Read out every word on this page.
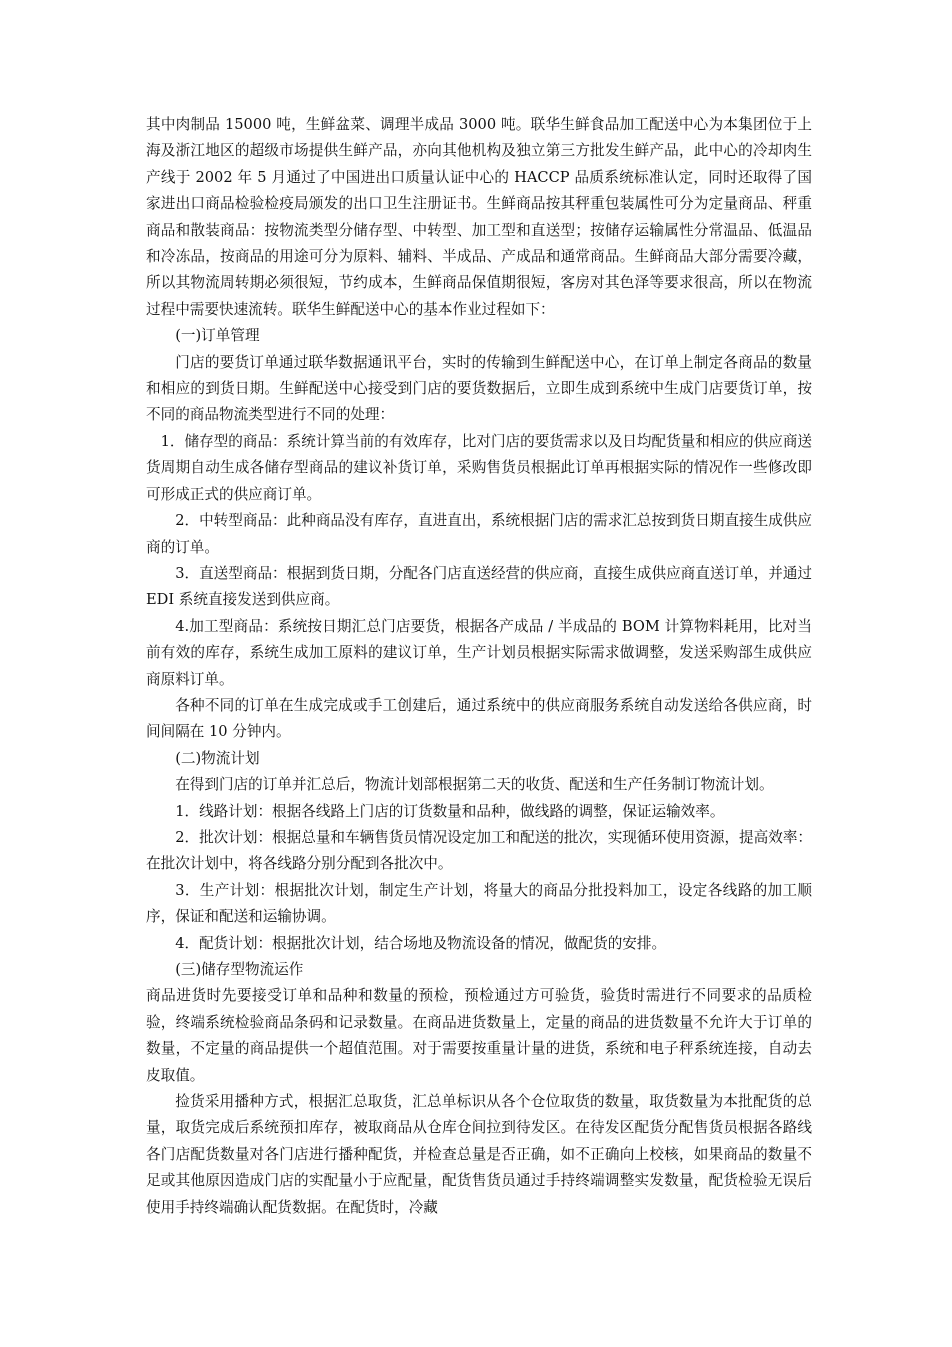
其中肉制品 15000 吨，生鲜盆菜、调理半成品 3000 吨。联华生鲜食品加工配送中心为本集团位于上海及浙江地区的超级市场提供生鲜产品，亦向其他机构及独立第三方批发生鲜产品，此中心的冷却肉生产线于 2002 年 5 月通过了中国进出口质量认证中心的 HACCP 品质系统标准认定，同时还取得了国家进出口商品检验检疫局颁发的出口卫生注册证书。生鲜商品按其秤重包装属性可分为定量商品、秤重商品和散装商品：按物流类型分储存型、中转型、加工型和直送型；按储存运输属性分常温品、低温品和冷冻品，按商品的用途可分为原料、辅料、半成品、产成品和通常商品。生鲜商品大部分需要冷藏，所以其物流周转期必须很短，节约成本，生鲜商品保值期很短，客房对其色泽等要求很高，所以在物流过程中需要快速流转。联华生鲜配送中心的基本作业过程如下：

(一)订单管理

门店的要货订单通过联华数据通讯平台，实时的传输到生鲜配送中心，在订单上制定各商品的数量和相应的到货日期。生鲜配送中心接受到门店的要货数据后，立即生成到系统中生成门店要货订单，按不同的商品物流类型进行不同的处理：

1．储存型的商品：系统计算当前的有效库存，比对门店的要货需求以及日均配货量和相应的供应商送货周期自动生成各储存型商品的建议补货订单，采购售货员根据此订单再根据实际的情况作一些修改即可形成正式的供应商订单。

2．中转型商品：此种商品没有库存，直进直出，系统根据门店的需求汇总按到货日期直接生成供应商的订单。

3．直送型商品：根据到货日期，分配各门店直送经营的供应商，直接生成供应商直送订单，并通过 EDI 系统直接发送到供应商。

4.加工型商品：系统按日期汇总门店要货，根据各产成品 / 半成品的 BOM 计算物料耗用，比对当前有效的库存，系统生成加工原料的建议订单，生产计划员根据实际需求做调整，发送采购部生成供应商原料订单。

各种不同的订单在生成完成或手工创建后，通过系统中的供应商服务系统自动发送给各供应商，时间间隔在 10 分钟内。

(二)物流计划

在得到门店的订单并汇总后，物流计划部根据第二天的收货、配送和生产任务制订物流计划。

1．线路计划：根据各线路上门店的订货数量和品种，做线路的调整，保证运输效率。

2．批次计划：根据总量和车辆售货员情况设定加工和配送的批次，实现循环使用资源，提高效率：在批次计划中，将各线路分别分配到各批次中。

3．生产计划：根据批次计划，制定生产计划，将量大的商品分批投料加工，设定各线路的加工顺序，保证和配送和运输协调。

4．配货计划：根据批次计划，结合场地及物流设备的情况，做配货的安排。

(三)储存型物流运作

商品进货时先要接受订单和品种和数量的预检，预检通过方可验货，验货时需进行不同要求的品质检验，终端系统检验商品条码和记录数量。在商品进货数量上，定量的商品的进货数量不允许大于订单的数量，不定量的商品提供一个超值范围。对于需要按重量计量的进货，系统和电子秤系统连接，自动去皮取值。

捡货采用播种方式，根据汇总取货，汇总单标识从各个仓位取货的数量，取货数量为本批配货的总量，取货完成后系统预扣库存，被取商品从仓库仓间拉到待发区。在待发区配货分配售货员根据各路线各门店配货数量对各门店进行播种配货，并检查总量是否正确，如不正确向上校核，如果商品的数量不足或其他原因造成门店的实配量小于应配量，配货售货员通过手持终端调整实发数量，配货检验无误后使用手持终端确认配货数据。在配货时，冷藏
